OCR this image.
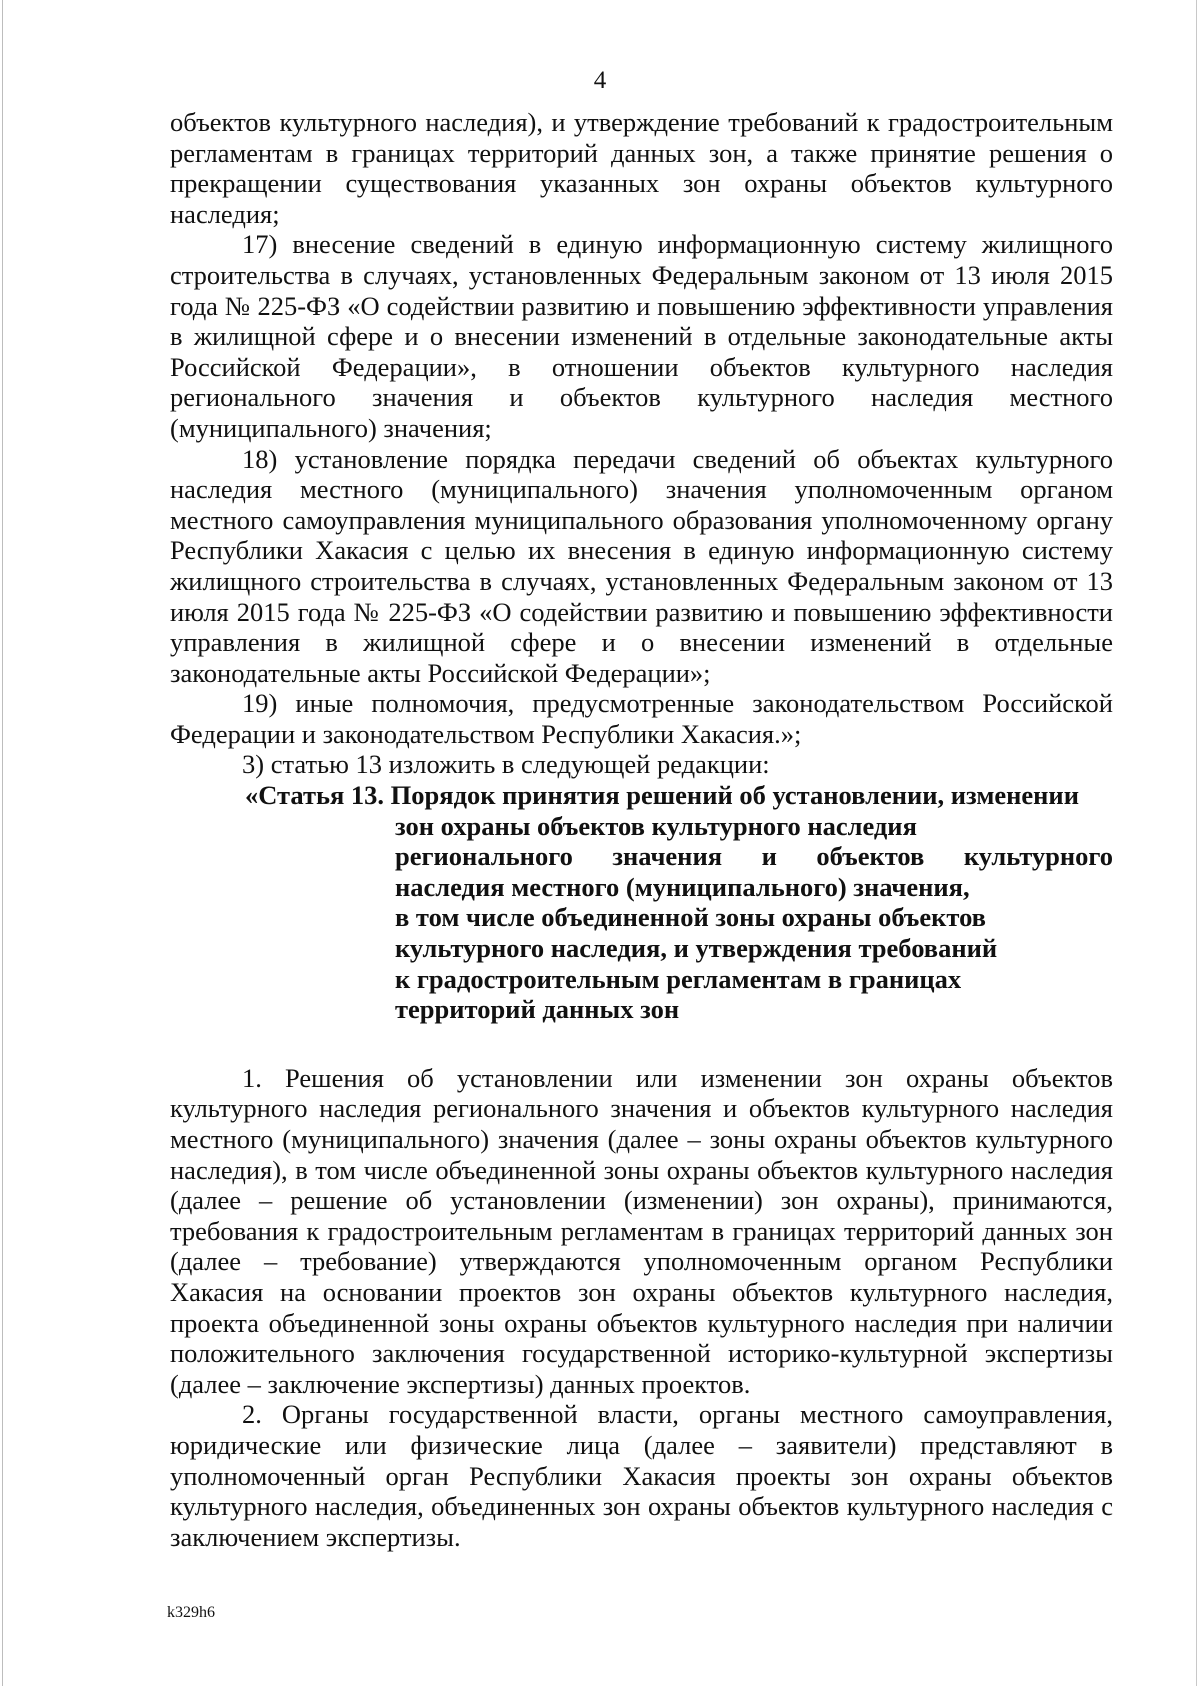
4

объектов культурного наследия), и утверждение требований к градостроительным регламентам в границах территорий данных зон, а также принятие решения о прекращении существования указанных зон охраны объектов культурного наследия;

17) внесение сведений в единую информационную систему жилищного строительства в случаях, установленных Федеральным законом от 13 июля 2015 года № 225-ФЗ «О содействии развитию и повышению эффективности управления в жилищной сфере и о внесении изменений в отдельные законодательные акты Российской Федерации», в отношении объектов культурного наследия регионального значения и объектов культурного наследия местного (муниципального) значения;

18) установление порядка передачи сведений об объектах культурного наследия местного (муниципального) значения уполномоченным органом местного самоуправления муниципального образования уполномоченному органу Республики Хакасия с целью их внесения в единую информационную систему жилищного строительства в случаях, установленных Федеральным законом от 13 июля 2015 года № 225-ФЗ «О содействии развитию и повышению эффективности управления в жилищной сфере и о внесении изменений в отдельные законодательные акты Российской Федерации»;

19) иные полномочия, предусмотренные законодательством Российской Федерации и законодательством Республики Хакасия.»;

3) статью 13 изложить в следующей редакции:

«Статья 13. Порядок принятия решений об установлении, изменении
зон охраны объектов культурного наследия
регионального значения и объектов культурного
наследия местного (муниципального) значения,
в том числе объединенной зоны охраны объектов
культурного наследия, и утверждения требований
к градостроительным регламентам в границах
территорий данных зон

1. Решения об установлении или изменении зон охраны объектов культурного наследия регионального значения и объектов культурного наследия местного (муниципального) значения (далее – зоны охраны объектов культурного наследия), в том числе объединенной зоны охраны объектов культурного наследия (далее – решение об установлении (изменении) зон охраны), принимаются, требования к градостроительным регламентам в границах территорий данных зон (далее – требование) утверждаются уполномоченным органом Республики Хакасия на основании проектов зон охраны объектов культурного наследия, проекта объединенной зоны охраны объектов культурного наследия при наличии положительного заключения государственной историко-культурной экспертизы (далее – заключение экспертизы) данных проектов.

2. Органы государственной власти, органы местного самоуправления, юридические или физические лица (далее – заявители) представляют в уполномоченный орган Республики Хакасия проекты зон охраны объектов культурного наследия, объединенных зон охраны объектов культурного наследия с заключением экспертизы.

k329h6
